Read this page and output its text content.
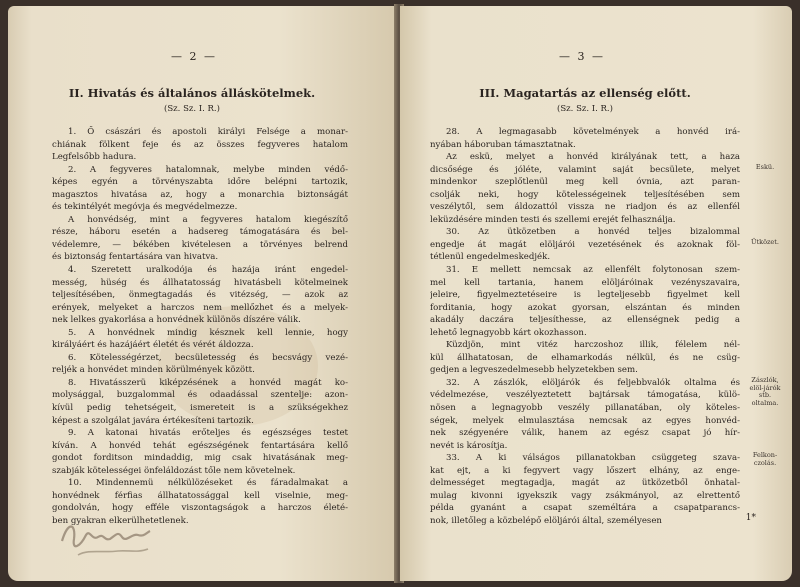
— 2 —
II. Hivatás és általános álláskötelmek.
(Sz. Sz. I. R.)
1. Ő császári és apostoli királyi Felsége a monar-
chiának fölkent feje és az összes fegyveres hatalom
Legfelsőbb hadura.
2. A fegyveres hatalomnak, melybe minden védő-
képes egyén a törvényszabta időre belépni tartozik,
magasztos hivatása az, hogy a monarchia biztonságát
és tekintélyét megóvja és megvédelmezze.
A honvédség, mint a fegyveres hatalom kiegészítő
része, háboru esetén a hadsereg támogatására és bel-
védelemre, — békében kivételesen a törvényes belrend
és biztonság fentartására van hivatva.
4. Szeretett uralkodója és hazája iránt engedel-
messég, hüség és állhatatosság hivatásbeli kötelmeinek
teljesítésében, önmegtagadás és vitézség, — azok az
erények, melyeket a harczos nem mellőzhet és a melyek-
nek lelkes gyakorlása a honvédnek különös díszére válik.
5. A honvédnek mindig késznek kell lennie, hogy
királyáért és hazájáért életét és vérét áldozza.
6. Kötelességérzet, becsületesség és becsvágy vezé-
reljék a honvédet minden körülmények között.
8. Hivatásszerü kiképzésének a honvéd magát ko-
molysággal, buzgalommal és odaadással szentelje: azon-
kívül pedig tehetségeit, ismereteit is a szükségekhez
képest a szolgálat javára értékesíteni tartozik.
9. A katonai hivatás erőteljes és egészséges testet
kíván. A honvéd tehát egészségének fentartására kellő
gondot forditson mindaddig, mig csak hivatásának meg-
szabják kötelességei önfeláldozást tőle nem követelnek.
10. Mindennemü nélkülözéseket és fáradalmakat a
honvédnek férfias állhatatossággal kell viselnie, meg-
gondolván, hogy efféle viszontagságok a harczos életé-
ben gyakran elkerülhetetlenek.
— 3 —
III. Magatartás az ellenség előtt.
(Sz. Sz. I. R.)
28. A legmagasabb követelmények a honvéd irá-
nyában háboruban támasztatnak.
Az eskü, melyet a honvéd királyának tett, a haza
dicsősége és jóléte, valamint saját becsülete, melyet
mindenkor szeplőtlenül meg kell óvnia, azt paran-
csolják neki, hogy kötelességeinek teljesítésében sem
veszélytől, sem áldozattól vissza ne riadjon és az ellenfél
leküzdésére minden testi és szellemi erejét felhasználja.
30. Az ütközetben a honvéd teljes bizalommal
engedje át magát elöljárói vezetésének és azoknak föl-
tétlenül engedelmeskedjék.
31. E mellett nemcsak az ellenfélt folytonosan szem-
mel kell tartania, hanem elöljáróinak vezényszavaira,
jeleire, figyelmeztetéseire is legteljesebb figyelmet kell
forditania, hogy azokat gyorsan, elszántan és minden
akadály daczára teljesíthesse, az ellenségnek pedig a
lehető legnagyobb kárt okozhasson.
Küzdjön, mint vitéz harczoshoz illik, félelem nél-
kül állhatatosan, de elhamarkodás nélkül, és ne csüg-
gedjen a legveszedelmesebb helyzetekben sem.
32. A zászlók, elöljárók és feljebbvalók oltalma és
védelmezése, veszélyeztetett bajtársak támogatása, külö-
nösen a legnagyobb veszély pillanatában, oly köteles-
ségek, melyek elmulasztása nemcsak az egyes honvéd-
nek szégyenére válik, hanem az egész csapat jó hír-
nevét is károsítja.
33. A ki válságos pillanatokban csüggeteg szava-
kat ejt, a ki fegyvert vagy lőszert elhány, az enge-
delmességet megtagadja, magát az ütközetből önhatal-
mulag kivonni igyekszik vagy zsákmányol, az elrettentő
példa gyanánt a csapat személtára a csapatparancs-
nok, illetőleg a közbelépő elöljárói által, személyesen
Eskü.
Ütközet.
Zászlók, elöl-járók stb. oltalma.
Felkon-czolás.
1*
